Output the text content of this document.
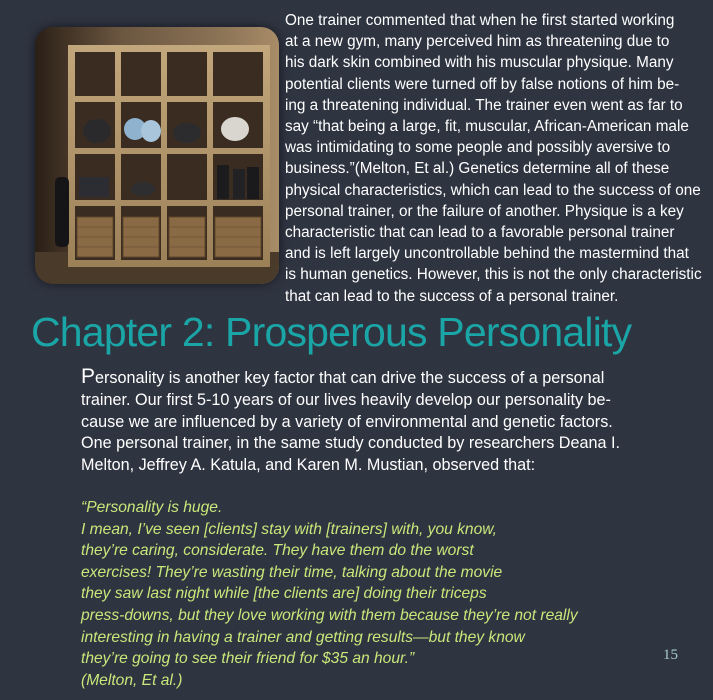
One trainer commented that when he first started working
at a new gym, many perceived him as threatening due to
his dark skin combined with his muscular physique. Many
potential clients were turned off by false notions of him be-
ing a threatening individual. The trainer even went as far to
say “that being a large, fit, muscular, African-American male
was intimidating to some people and possibly aversive to
business.”(Melton, Et al.) Genetics determine all of these
physical characteristics, which can lead to the success of one
personal trainer, or the failure of another. Physique is a key
characteristic that can lead to a favorable personal trainer
and is left largely uncontrollable behind the mastermind that
is human genetics. However, this is not the only characteristic
that can lead to the success of a personal trainer.
Chapter 2: Prosperous Personality
Personality is another key factor that can drive the success of a personal
trainer. Our first 5-10 years of our lives heavily develop our personality be-
cause we are influenced by a variety of environmental and genetic factors.
One personal trainer, in the same study conducted by researchers Deana I.
Melton, Jeffrey A. Katula, and Karen M. Mustian, observed that:
“Personality is huge.
I mean, I’ve seen [clients] stay with [trainers] with, you know,
they’re caring, considerate. They have them do the worst
exercises! They’re wasting their time, talking about the movie
they saw last night while [the clients are] doing their triceps
press-downs, but they love working with them because they’re not really
interesting in having a trainer and getting results—but they know
they’re going to see their friend for $35 an hour.”
(Melton, Et al.)
15
